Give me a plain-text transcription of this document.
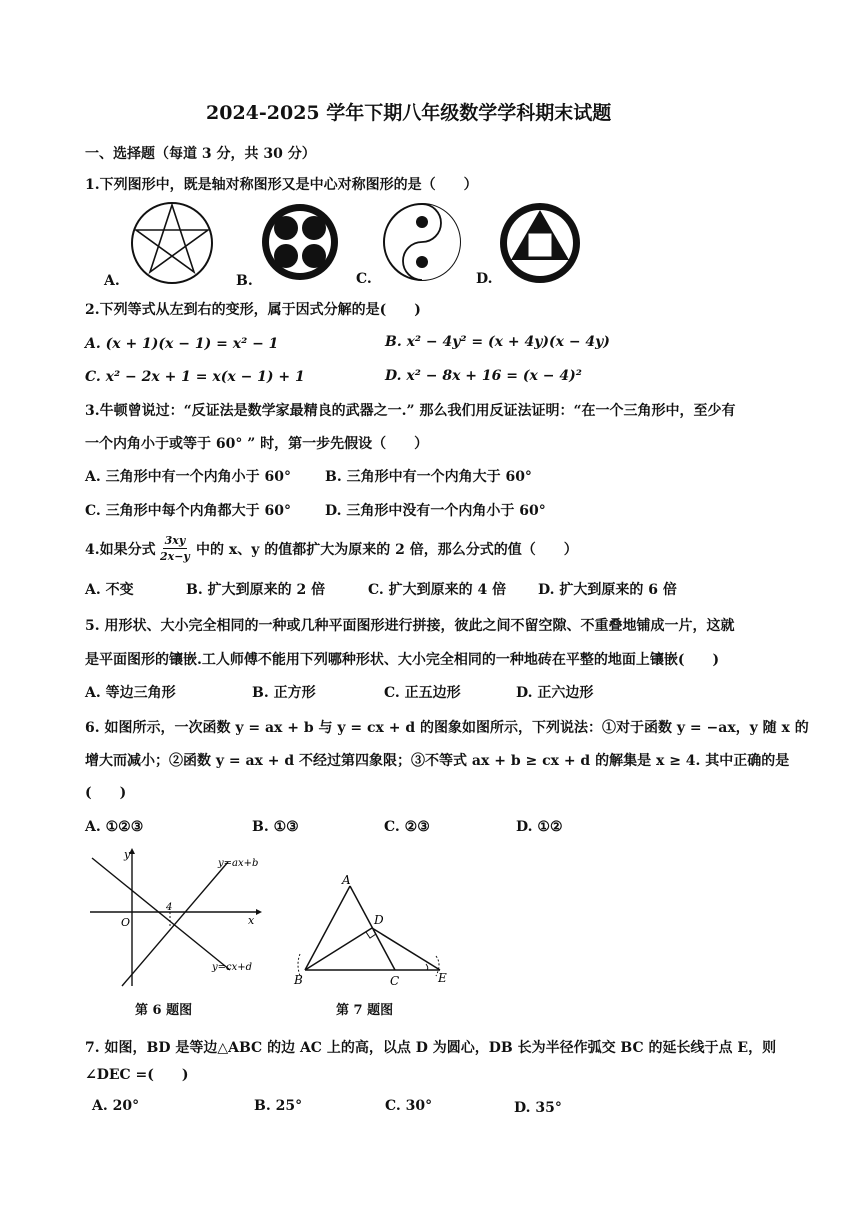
2024-2025 学年下期八年级数学学科期末试题
一、选择题（每道 3 分，共 30 分）
1.下列图形中，既是轴对称图形又是中心对称图形的是（　　）
A.	B.	C.	D.
2.下列等式从左到右的变形，属于因式分解的是(　　)
A. (x + 1)(x − 1) = x² − 1	B. x² − 4y² = (x + 4y)(x − 4y)
C. x² − 2x + 1 = x(x − 1) + 1	D. x² − 8x + 16 = (x − 4)²
3.牛顿曾说过：“反证法是数学家最精良的武器之一.” 那么我们用反证法证明：“在一个三角形中，至少有
一个内角小于或等于 60° ” 时，第一步先假设（　　）
A. 三角形中有一个内角小于 60° B. 三角形中有一个内角大于 60°
C. 三角形中每个内角都大于 60° D. 三角形中没有一个内角小于 60°
4.如果分式 $\frac{3xy}{2x-y}$ 中的 x、y 的值都扩大为原来的 2 倍，那么分式的值（　　）
A. 不变	B. 扩大到原来的 2 倍	C. 扩大到原来的 4 倍 D. 扩大到原来的 6 倍
5. 用形状、大小完全相同的一种或几种平面图形进行拼接，彼此之间不留空隙、不重叠地铺成一片，这就
是平面图形的镶嵌.工人师傅不能用下列哪种形状、大小完全相同的一种地砖在平整的地面上镶嵌(　　)
A. 等边三角形	B. 正方形	C. 正五边形	D. 正六边形
6. 如图所示，一次函数 y = ax + b 与 y = cx + d 的图象如图所示，下列说法：①对于函数 y = −ax，y 随 x 的
增大而减小；②函数 y = ax + d 不经过第四象限；③不等式 ax + b ≥ cx + d 的解集是 x ≥ 4. 其中正确的是
(　　)
A. ①②③	B. ①③	C. ②③	D. ①②
y
x
O
4
y=ax+b
y=cx+d
第 6 题图
A
B	C
D
E
第 7 题图
7. 如图，BD 是等边△ABC 的边 AC 上的高，以点 D 为圆心，DB 长为半径作弧交 BC 的延长线于点 E，则
∠DEC =(　　)
A. 20°	B. 25°	C. 30°	D. 35°
